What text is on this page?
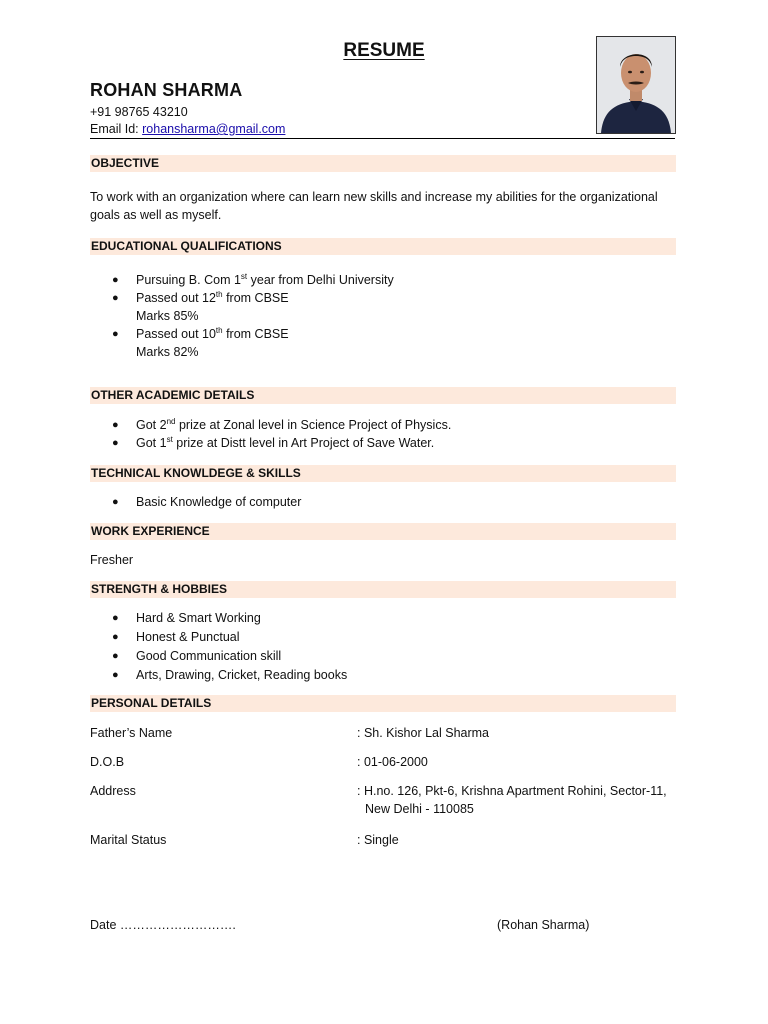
RESUME
ROHAN SHARMA
+91 98765 43210
Email Id: rohansharma@gmail.com
OBJECTIVE
To work with an organization where can learn new skills and increase my abilities for the organizational goals as well as myself.
EDUCATIONAL QUALIFICATIONS
● Pursuing B. Com 1st year from Delhi University
● Passed out 12th from CBSE
Marks 85%
● Passed out 10th from CBSE
Marks 82%
OTHER ACADEMIC DETAILS
● Got 2nd prize at Zonal level in Science Project of Physics.
● Got 1st prize at Distt level in Art Project of Save Water.
TECHNICAL KNOWLDEGE & SKILLS
● Basic Knowledge of computer
WORK EXPERIENCE
Fresher
STRENGTH & HOBBIES
● Hard & Smart Working
● Honest & Punctual
● Good Communication skill
● Arts, Drawing, Cricket, Reading books
PERSONAL DETAILS
Father’s Name	: Sh. Kishor Lal Sharma
D.O.B	: 01-06-2000
Address	: H.no. 126, Pkt-6, Krishna Apartment Rohini, Sector-11,
New Delhi - 110085
Marital Status	: Single
Date ……………………….	(Rohan Sharma)
